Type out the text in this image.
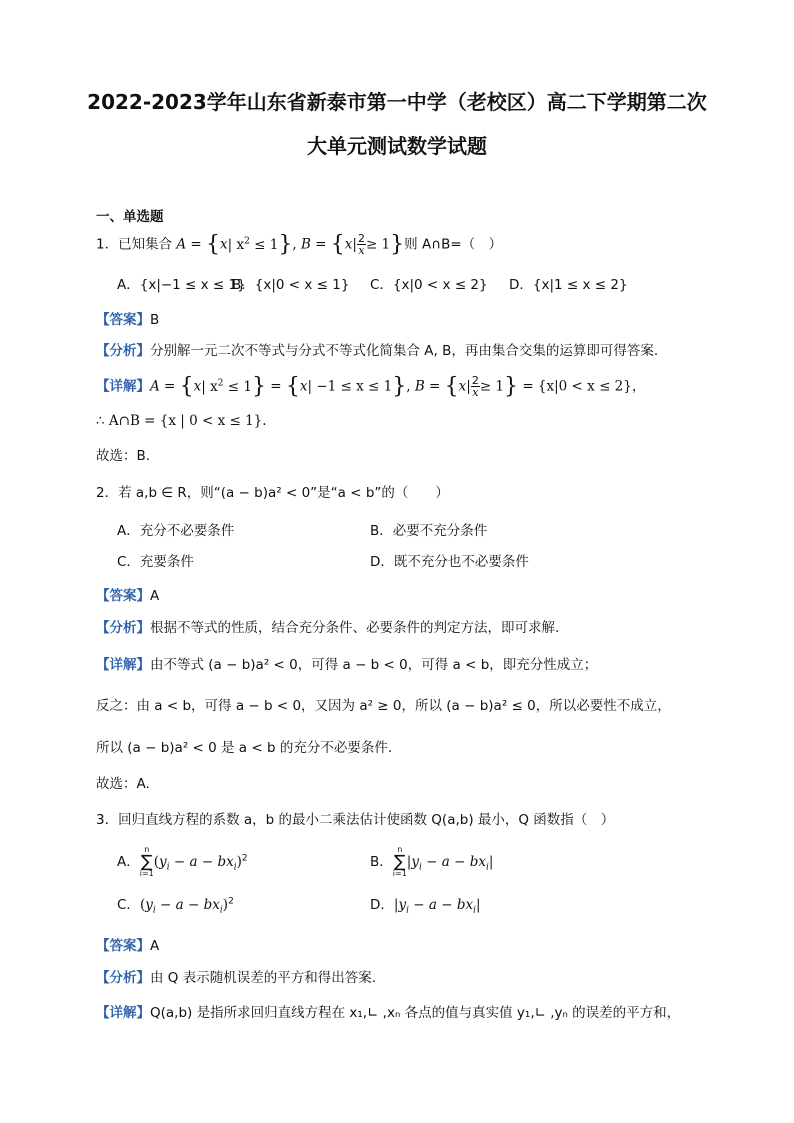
2022-2023学年山东省新泰市第一中学（老校区）高二下学期第二次
大单元测试数学试题
一、单选题
1．已知集合 A = {x| $x^2 \le 1$}, $B = \{x| \frac{2}{x} \ge 1\}$则 A∩B=（　）
A．{x|−1 ≤ x ≤ 1}
B．{x|0 < x ≤ 1} C．{x|0 < x ≤ 2} D．{x|1 ≤ x ≤ 2}
【答案】B
【分析】分别解一元二次不等式与分式不等式化简集合 A, B，再由集合交集的运算即可得答案.
【详解】A = {x| $x^2 \le 1\} = \{x| -1 \le x \le 1\}$, $B = \{x| \frac{2}{x} \ge 1\} = \{x|0 < x \le 2\}$，
∴ A∩B = {x | 0 < x ≤ 1}.
故选：B.
2．若 a,b ∈ R，则“(a − b)a² < 0”是“a < b”的（　　）
A．充分不必要条件	B．必要不充分条件
C．充要条件	D．既不充分也不必要条件
【答案】A
【分析】根据不等式的性质，结合充分条件、必要条件的判定方法，即可求解.
【详解】由不等式 (a − b)a² < 0，可得 a − b < 0，可得 a < b，即充分性成立；
反之：由 a < b，可得 a − b < 0，又因为 a² ≥ 0，所以 (a − b)a² ≤ 0，所以必要性不成立，
所以 (a − b)a² < 0 是 a < b 的充分不必要条件.
故选：A.
3．回归直线方程的系数 a，b 的最小二乘法估计使函数 Q(a,b) 最小，Q 函数指（　）
A．n
∑
$i=1(y_i - a - bx_i)^2$	B．n
∑
$i=1|y_i - a - bx_i|$
C．$(y_i - a - bx_i)^2$	D．$|y_i - a - bx_i|$
【答案】A
【分析】由 Q 表示随机误差的平方和得出答案.
【详解】Q(a,b) 是指所求回归直线方程在 x₁,∟ ,xₙ 各点的值与真实值 y₁,∟ ,yₙ 的误差的平方和，
